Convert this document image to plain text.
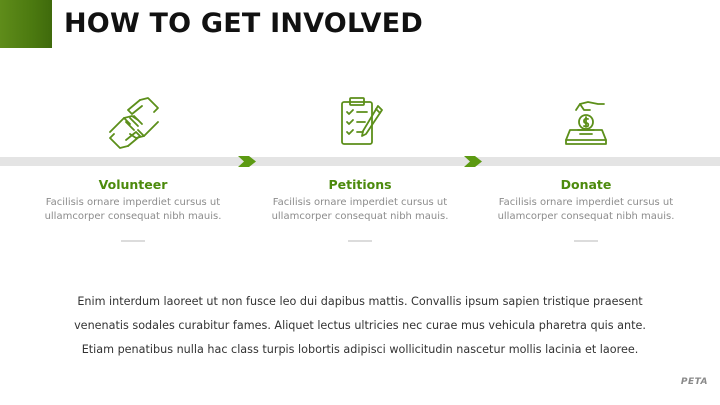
HOW TO GET INVOLVED
Volunteer
Facilisis ornare imperdiet cursus ut ullamcorper consequat nibh mauis.
Petitions
Facilisis ornare imperdiet cursus ut ullamcorper consequat nibh mauis.
Donate
Facilisis ornare imperdiet cursus ut ullamcorper consequat nibh mauis.
Enim interdum laoreet ut non fusce leo dui dapibus mattis. Convallis ipsum sapien tristique praesent
venenatis sodales curabitur fames. Aliquet lectus ultricies nec curae mus vehicula pharetra quis ante.
Etiam penatibus nulla hac class turpis lobortis adipisci wollicitudin nascetur mollis lacinia et laoree.
PETA
